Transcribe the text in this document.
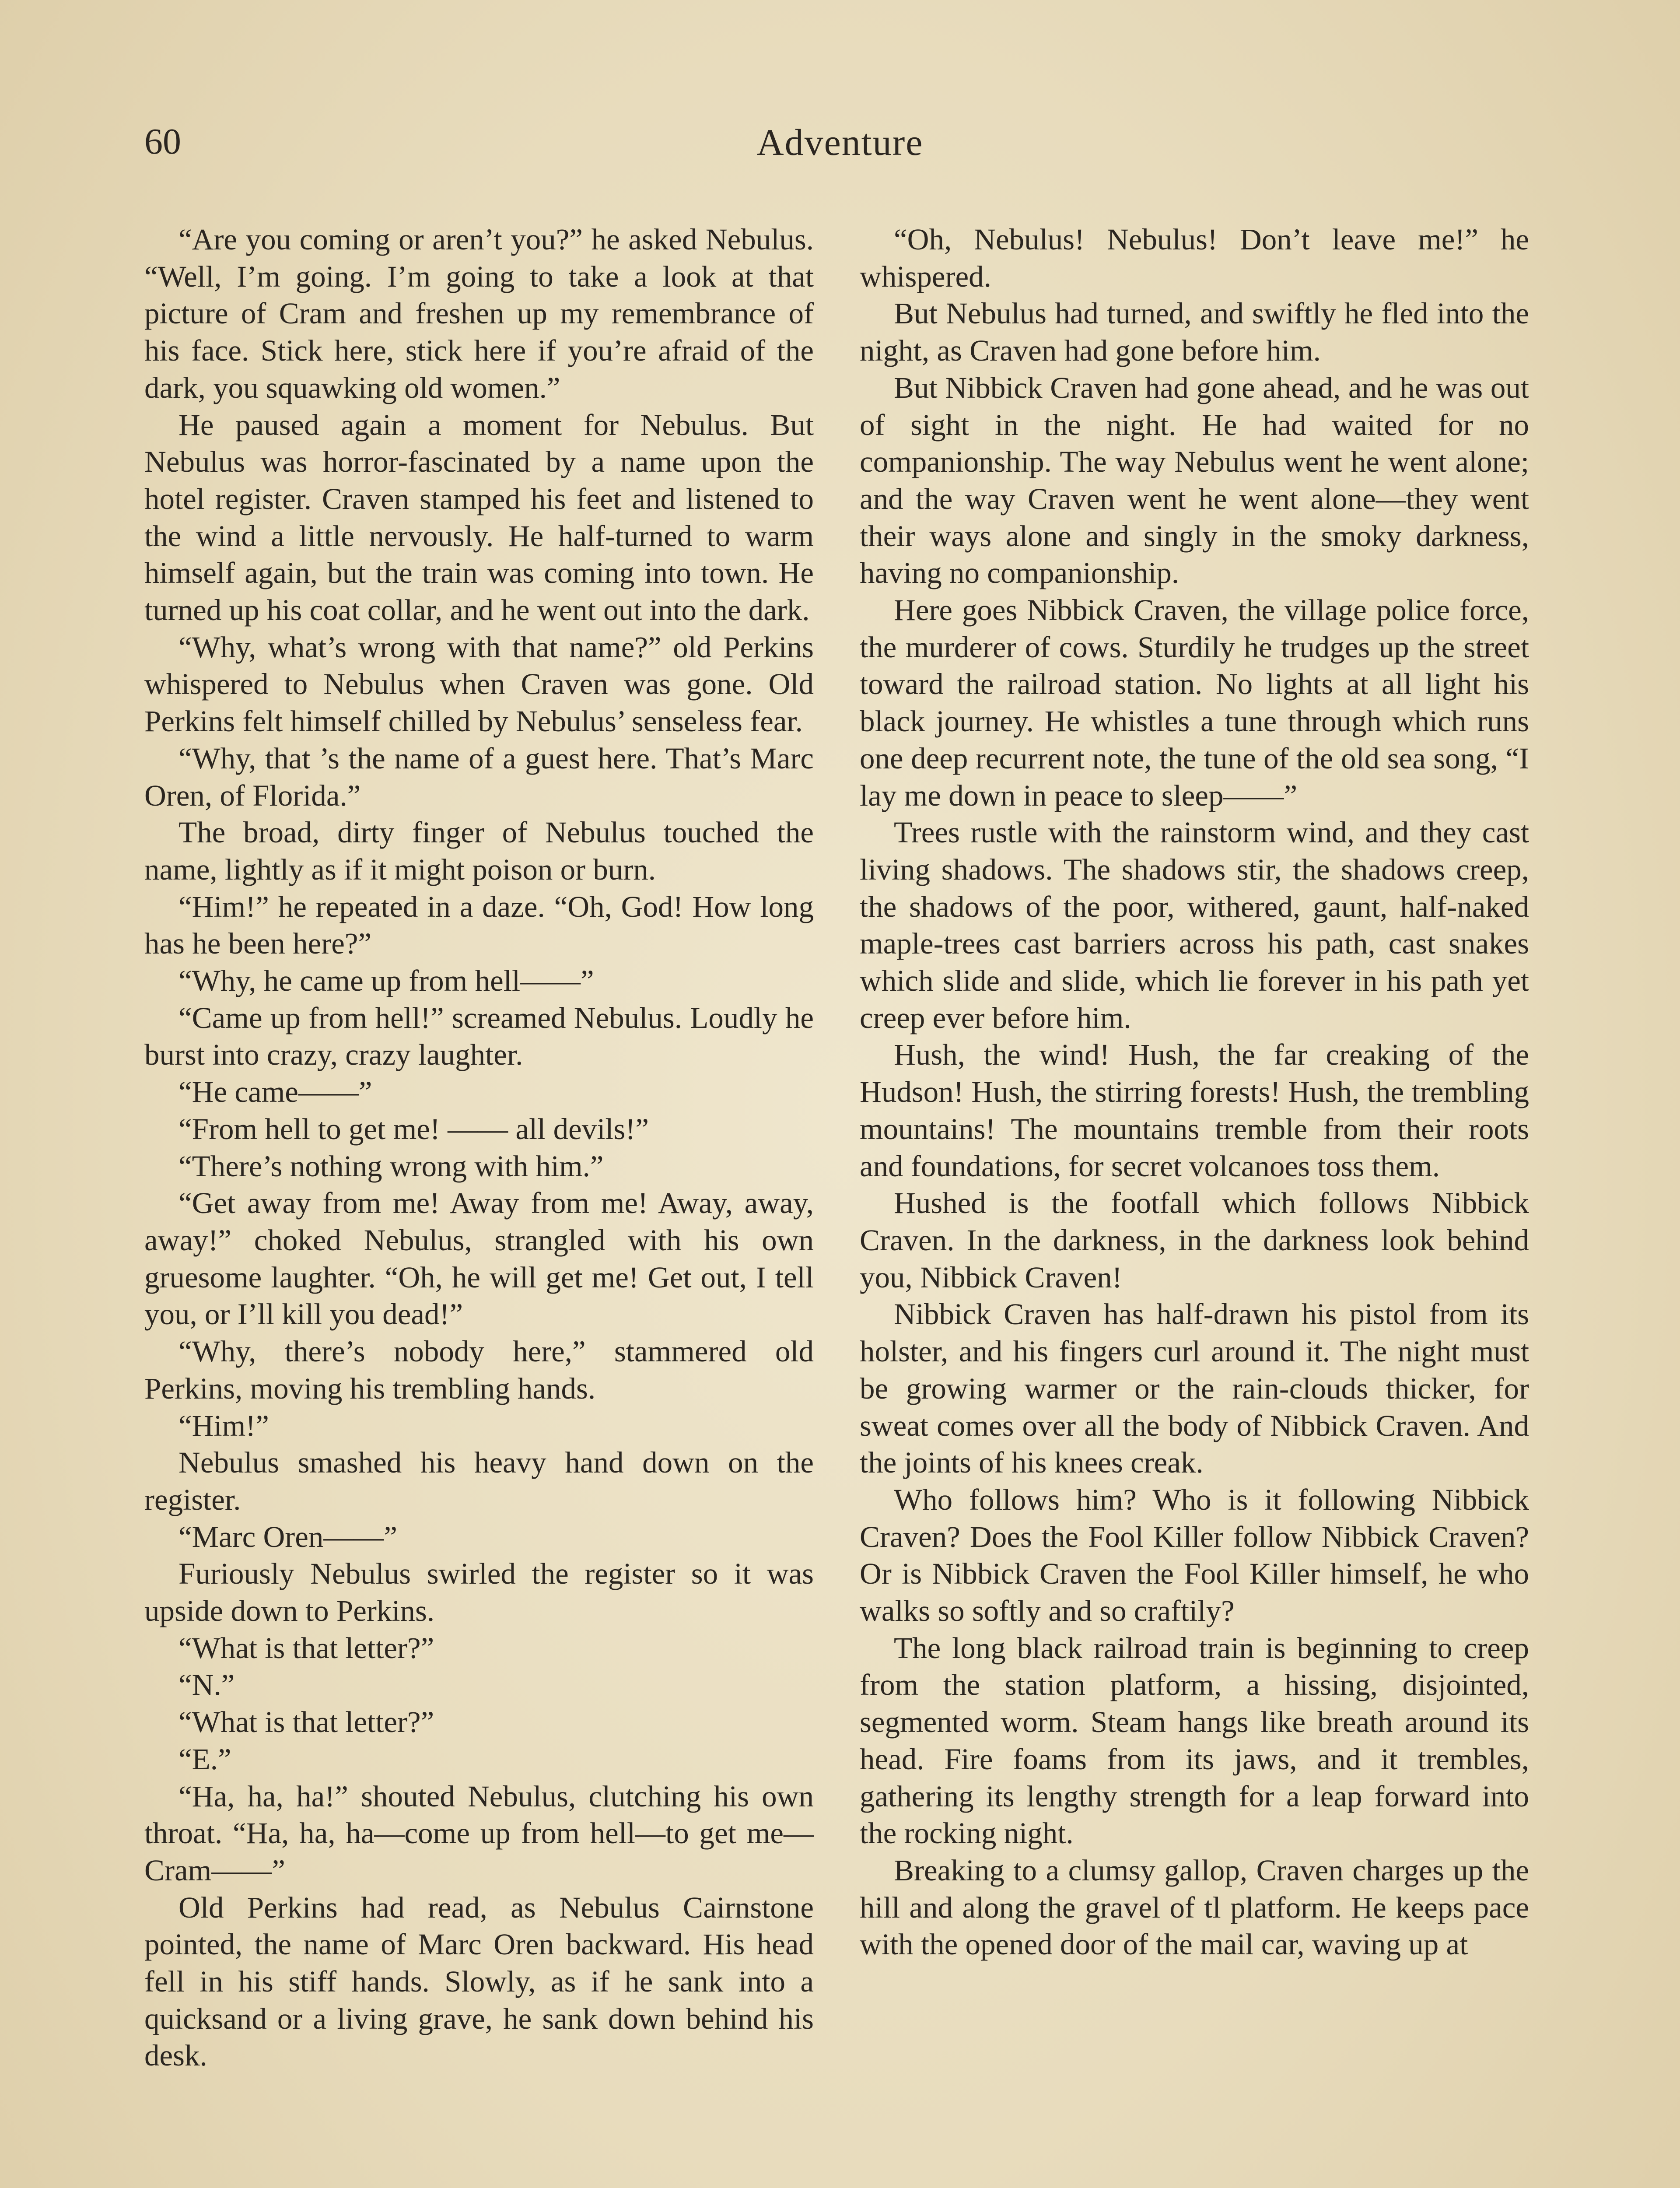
60	Adventure

“Are you coming or aren’t you?” he asked Nebulus. “Well, I’m going. I’m going to take a look at that picture of Cram and freshen up my remembrance of his face. Stick here, stick here if you’re afraid of the dark, you squawking old women.”

He paused again a moment for Nebulus. But Nebulus was horror-fascinated by a name upon the hotel register. Craven stamped his feet and listened to the wind a little nervously. He half-turned to warm himself again, but the train was coming into town. He turned up his coat collar, and he went out into the dark.

“Why, what’s wrong with that name?” old Perkins whispered to Nebulus when Craven was gone. Old Perkins felt himself chilled by Nebulus’ senseless fear.

“Why, that ’s the name of a guest here. That’s Marc Oren, of Florida.”

The broad, dirty finger of Nebulus touched the name, lightly as if it might poison or burn.

“Him!” he repeated in a daze. “Oh, God! How long has he been here?”

“Why, he came up from hell——”

“Came up from hell!” screamed Nebulus. Loudly he burst into crazy, crazy laughter.

“He came——”

“From hell to get me! —— all devils!”

“There’s nothing wrong with him.”

“Get away from me! Away from me! Away, away, away!” choked Nebulus, strangled with his own gruesome laughter. “Oh, he will get me! Get out, I tell you, or I’ll kill you dead!”

“Why, there’s nobody here,” stammered old Perkins, moving his trembling hands.

“Him!”

Nebulus smashed his heavy hand down on the register.

“Marc Oren——”

Furiously Nebulus swirled the register so it was upside down to Perkins.

“What is that letter?”

“N.”

“What is that letter?”

“E.”

“Ha, ha, ha!” shouted Nebulus, clutching his own throat. “Ha, ha, ha—come up from hell—to get me—Cram——”

Old Perkins had read, as Nebulus Cairnstone pointed, the name of Marc Oren backward. His head fell in his stiff hands. Slowly, as if he sank into a quicksand or a living grave, he sank down behind his desk.

“Oh, Nebulus! Nebulus! Don’t leave me!” he whispered.

But Nebulus had turned, and swiftly he fled into the night, as Craven had gone before him.

But Nibbick Craven had gone ahead, and he was out of sight in the night. He had waited for no companionship. The way Nebulus went he went alone; and the way Craven went he went alone—they went their ways alone and singly in the smoky darkness, having no companionship.

Here goes Nibbick Craven, the village police force, the murderer of cows. Sturdily he trudges up the street toward the railroad station. No lights at all light his black journey. He whistles a tune through which runs one deep recurrent note, the tune of the old sea song, “I lay me down in peace to sleep——”

Trees rustle with the rainstorm wind, and they cast living shadows. The shadows stir, the shadows creep, the shadows of the poor, withered, gaunt, half-naked maple-trees cast barriers across his path, cast snakes which slide and slide, which lie forever in his path yet creep ever before him.

Hush, the wind! Hush, the far creaking of the Hudson! Hush, the stirring forests! Hush, the trembling mountains! The mountains tremble from their roots and foundations, for secret volcanoes toss them.

Hushed is the footfall which follows Nibbick Craven. In the darkness, in the darkness look behind you, Nibbick Craven!

Nibbick Craven has half-drawn his pistol from its holster, and his fingers curl around it. The night must be growing warmer or the rain-clouds thicker, for sweat comes over all the body of Nibbick Craven. And the joints of his knees creak.

Who follows him? Who is it following Nibbick Craven? Does the Fool Killer follow Nibbick Craven? Or is Nibbick Craven the Fool Killer himself, he who walks so softly and so craftily?

The long black railroad train is beginning to creep from the station platform, a hissing, disjointed, segmented worm. Steam hangs like breath around its head. Fire foams from its jaws, and it trembles, gathering its lengthy strength for a leap forward into the rocking night.

Breaking to a clumsy gallop, Craven charges up the hill and along the gravel of tl platform. He keeps pace with the opened door of the mail car, waving up at
